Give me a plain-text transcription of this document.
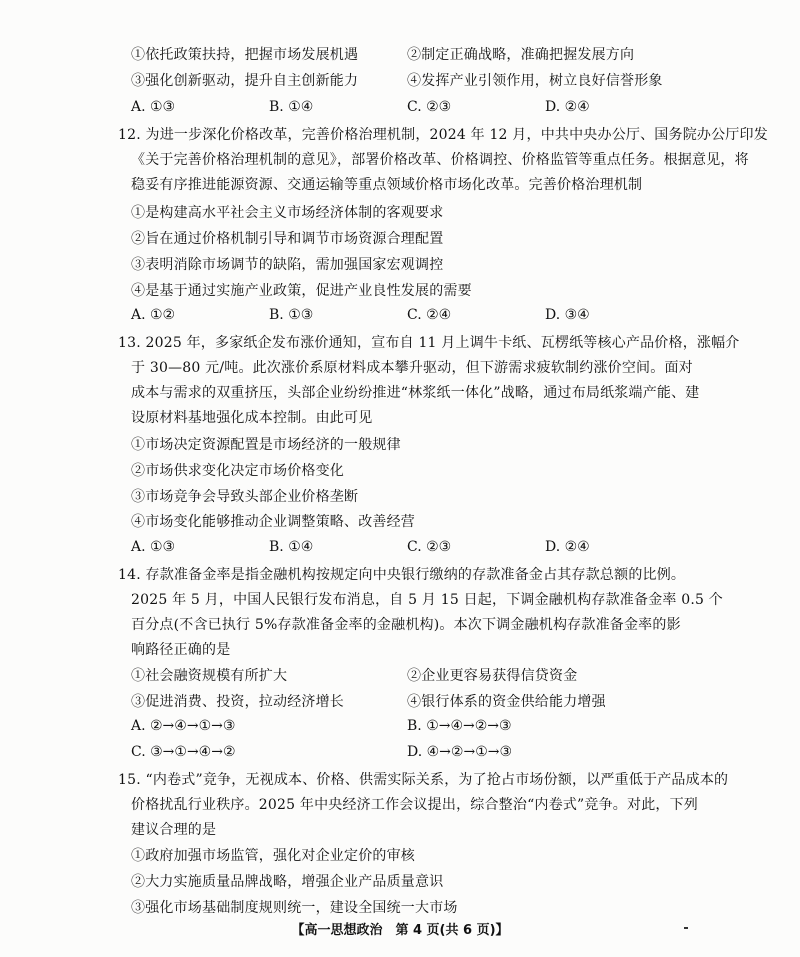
①依托政策扶持，把握市场发展机遇	②制定正确战略，准确把握发展方向
③强化创新驱动，提升自主创新能力	④发挥产业引领作用，树立良好信誉形象
A. ①③	B. ①④	C. ②③	D. ②④
12. 为进一步深化价格改革，完善价格治理机制，2024 年 12 月，中共中央办公厅、国务院办公厅印发
《关于完善价格治理机制的意见》，部署价格改革、价格调控、价格监管等重点任务。根据意见，将
稳妥有序推进能源资源、交通运输等重点领域价格市场化改革。完善价格治理机制
①是构建高水平社会主义市场经济体制的客观要求
②旨在通过价格机制引导和调节市场资源合理配置
③表明消除市场调节的缺陷，需加强国家宏观调控
④是基于通过实施产业政策，促进产业良性发展的需要
A. ①②	B. ①③	C. ②④	D. ③④
13. 2025 年，多家纸企发布涨价通知，宣布自 11 月上调牛卡纸、瓦楞纸等核心产品价格，涨幅介
于 30—80 元/吨。此次涨价系原材料成本攀升驱动，但下游需求疲软制约涨价空间。面对
成本与需求的双重挤压，头部企业纷纷推进“林浆纸一体化”战略，通过布局纸浆端产能、建
设原材料基地强化成本控制。由此可见
①市场决定资源配置是市场经济的一般规律
②市场供求变化决定市场价格变化
③市场竞争会导致头部企业价格垄断
④市场变化能够推动企业调整策略、改善经营
A. ①③	B. ①④	C. ②③	D. ②④
14. 存款准备金率是指金融机构按规定向中央银行缴纳的存款准备金占其存款总额的比例。
2025 年 5 月，中国人民银行发布消息，自 5 月 15 日起，下调金融机构存款准备金率 0.5 个
百分点(不含已执行 5%存款准备金率的金融机构)。本次下调金融机构存款准备金率的影
响路径正确的是
①社会融资规模有所扩大	②企业更容易获得信贷资金
③促进消费、投资，拉动经济增长	④银行体系的资金供给能力增强
A. ②→④→①→③	B. ①→④→②→③
C. ③→①→④→②	D. ④→②→①→③
15. “内卷式”竞争，无视成本、价格、供需实际关系，为了抢占市场份额，以严重低于产品成本的
价格扰乱行业秩序。2025 年中央经济工作会议提出，综合整治“内卷式”竞争。对此，下列
建议合理的是
①政府加强市场监管，强化对企业定价的审核
②大力实施质量品牌战略，增强企业产品质量意识
③强化市场基础制度规则统一，建设全国统一大市场
【高一思想政治　第 4 页(共 6 页)】
